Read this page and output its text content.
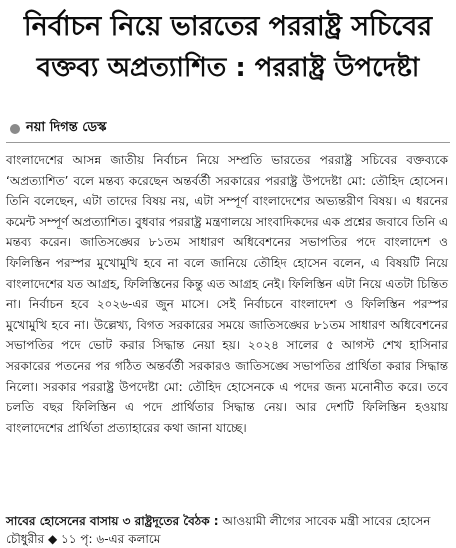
নির্বাচন নিয়ে ভারতের পররাষ্ট্র সচিবের
বক্তব্য অপ্রত্যাশিত : পররাষ্ট্র উপদেষ্টা
নয়া দিগন্ত ডেস্ক

বাংলাদেশের আসন্ন জাতীয় নির্বাচন নিয়ে সম্প্রতি ভারতের পররাষ্ট্র সচিবের বক্তব্যকে ‘অপ্রত্যাশিত’ বলে মন্তব্য করেছেন অন্তর্বর্তী সরকারের পররাষ্ট্র উপদেষ্টা মো: তৌহিদ হোসেন। তিনি বলেছেন, এটা তাদের বিষয় নয়, এটা সম্পূর্ণ বাংলাদেশের অভ্যন্তরীণ বিষয়। এ ধরনের কমেন্ট সম্পূর্ণ অপ্রত্যাশিত। বুধবার পররাষ্ট্র মন্ত্রণালয়ে সাংবাদিকদের এক প্রশ্নের জবাবে তিনি এ মন্তব্য করেন। জাতিসঙ্ঘের ৮১তম সাধারণ অধিবেশনের সভাপতির পদে বাংলাদেশ ও ফিলিস্তিন পরস্পর মুখোমুখি হবে না বলে জানিয়ে তৌহিদ হোসেন বলেন, এ বিষয়টি নিয়ে বাংলাদেশের যত আগ্রহ, ফিলিস্তিনের কিন্তু এত আগ্রহ নেই। ফিলিস্তিন এটা নিয়ে এতটা চিন্তিত না। নির্বাচন হবে ২০২৬-এর জুন মাসে। সেই নির্বাচনে বাংলাদেশ ও ফিলিস্তিন পরস্পর মুখোমুখি হবে না। উল্লেখ্য, বিগত সরকারের সময়ে জাতিসঙ্ঘের ৮১তম সাধারণ অধিবেশনের সভাপতির পদে ভোট করার সিদ্ধান্ত নেয়া হয়। ২০২৪ সালের ৫ আগস্ট শেখ হাসিনার সরকারের পতনের পর গঠিত অন্তর্বর্তী সরকারও জাতিসঙ্ঘে সভাপতির প্রার্থিতা করার সিদ্ধান্ত নিলো। সরকার পররাষ্ট্র উপদেষ্টা মো: তৌহিদ হোসেনকে এ পদের জন্য মনোনীত করে। তবে চলতি বছর ফিলিস্তিন এ পদে প্রার্থিতার সিদ্ধান্ত নেয়। আর দেশটি ফিলিস্তিন হওয়ায় বাংলাদেশের প্রার্থিতা প্রত্যাহারের কথা জানা যাচ্ছে।

সাবের হোসেনের বাসায় ৩ রাষ্ট্রদূতের বৈঠক : আওয়ামী লীগের সাবেক মন্ত্রী সাবের হোসেন চৌধুরীর ◆ ১১ পৃ: ৬-এর কলামে
